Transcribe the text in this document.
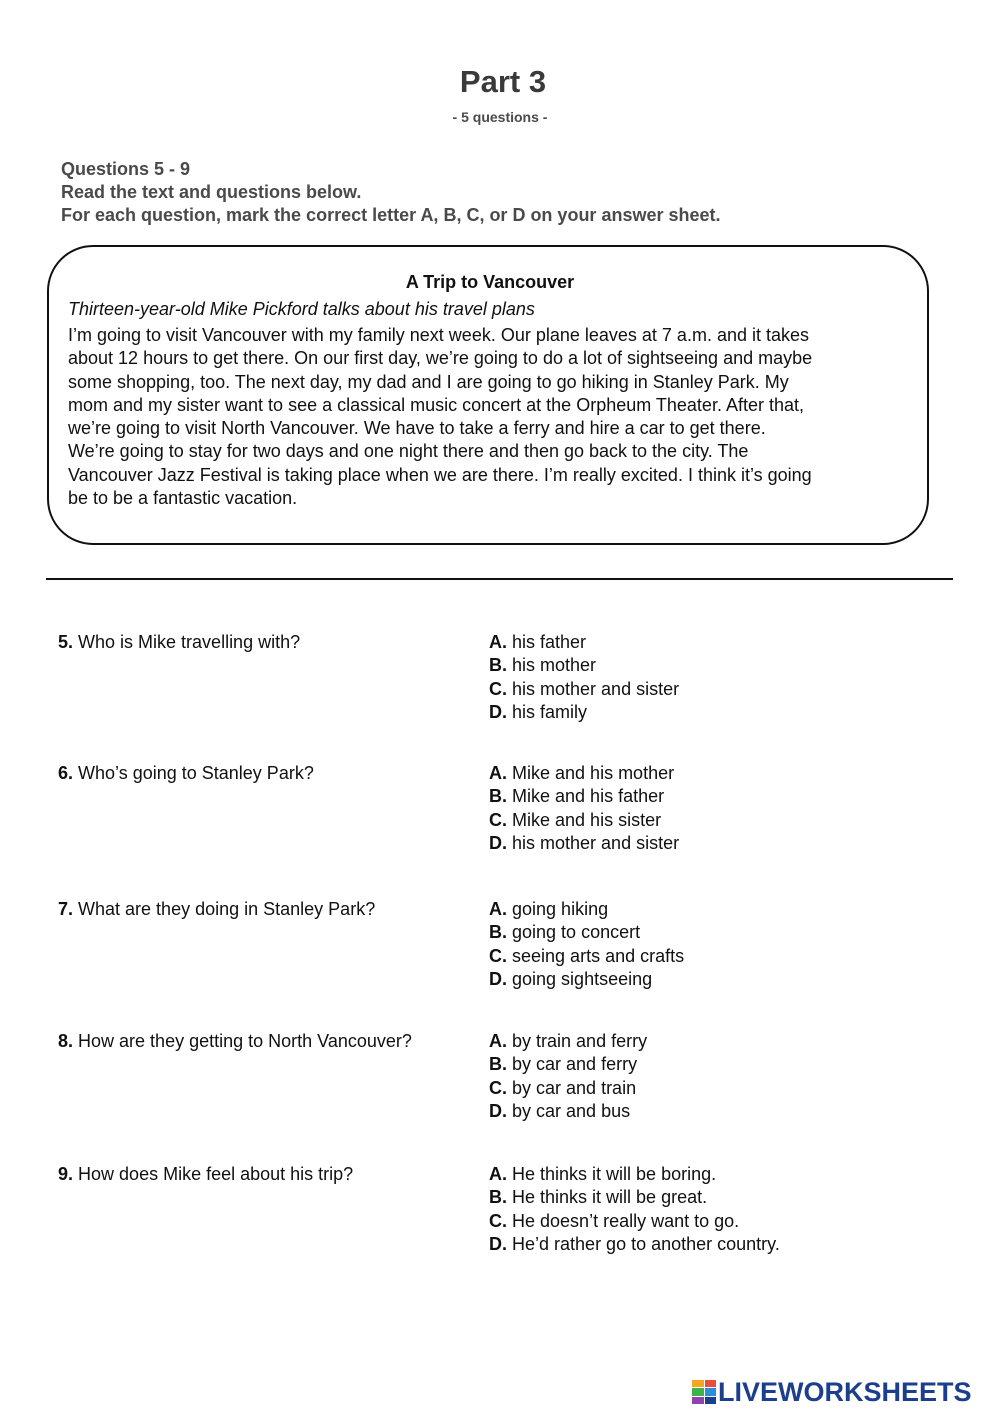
Part 3
- 5 questions -
Questions 5 - 9
Read the text and questions below.
For each question, mark the correct letter A, B, C, or D on your answer sheet.
A Trip to Vancouver
Thirteen-year-old Mike Pickford talks about his travel plans
I’m going to visit Vancouver with my family next week. Our plane leaves at 7 a.m. and it takes
about 12 hours to get there. On our first day, we’re going to do a lot of sightseeing and maybe
some shopping, too. The next day, my dad and I are going to go hiking in Stanley Park. My
mom and my sister want to see a classical music concert at the Orpheum Theater. After that,
we’re going to visit North Vancouver. We have to take a ferry and hire a car to get there.
We’re going to stay for two days and one night there and then go back to the city. The
Vancouver Jazz Festival is taking place when we are there. I’m really excited. I think it’s going
be to be a fantastic vacation.
5. Who is Mike travelling with?	A. his father
B. his mother
C. his mother and sister
D. his family
6. Who’s going to Stanley Park?	A. Mike and his mother
B. Mike and his father
C. Mike and his sister
D. his mother and sister
7. What are they doing in Stanley Park?	A. going hiking
B. going to concert
C. seeing arts and crafts
D. going sightseeing
8. How are they getting to North Vancouver?	A. by train and ferry
B. by car and ferry
C. by car and train
D. by car and bus
9. How does Mike feel about his trip?	A. He thinks it will be boring.
B. He thinks it will be great.
C. He doesn’t really want to go.
D. He’d rather go to another country.
LIVEWORKSHEETS
